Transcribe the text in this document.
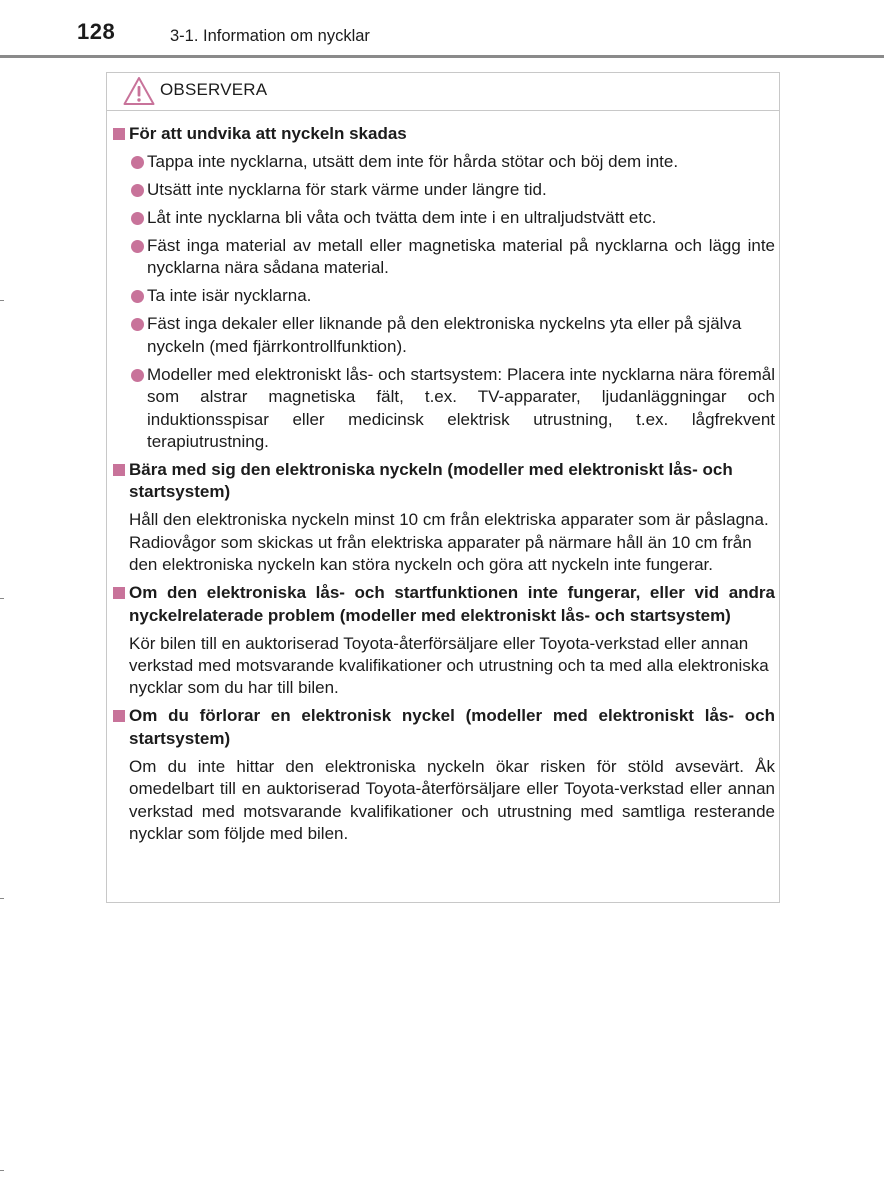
128	3-1. Information om nycklar
OBSERVERA

För att undvika att nyckeln skadas

Tappa inte nycklarna, utsätt dem inte för hårda stötar och böj dem inte.

Utsätt inte nycklarna för stark värme under längre tid.

Låt inte nycklarna bli våta och tvätta dem inte i en ultraljudstvätt etc.

Fäst inga material av metall eller magnetiska material på nycklarna och lägg inte nycklarna nära sådana material.

Ta inte isär nycklarna.

Fäst inga dekaler eller liknande på den elektroniska nyckelns yta eller på själva nyckeln (med fjärrkontrollfunktion).

Modeller med elektroniskt lås- och startsystem: Placera inte nycklarna nära föremål som alstrar magnetiska fält, t.ex. TV-apparater, ljudanläggningar och induktionsspisar eller medicinsk elektrisk utrustning, t.ex. lågfrekvent terapiutrustning.

Bära med sig den elektroniska nyckeln (modeller med elektroniskt lås- och startsystem)

Håll den elektroniska nyckeln minst 10 cm från elektriska apparater som är påslagna. Radiovågor som skickas ut från elektriska apparater på närmare håll än 10 cm från den elektroniska nyckeln kan störa nyckeln och göra att nyckeln inte fungerar.

Om den elektroniska lås- och startfunktionen inte fungerar, eller vid andra nyckelrelaterade problem (modeller med elektroniskt lås- och startsystem)

Kör bilen till en auktoriserad Toyota-återförsäljare eller Toyota-verkstad eller annan verkstad med motsvarande kvalifikationer och utrustning och ta med alla elektroniska nycklar som du har till bilen.

Om du förlorar en elektronisk nyckel (modeller med elektroniskt lås- och startsystem)

Om du inte hittar den elektroniska nyckeln ökar risken för stöld avsevärt. Åk omedelbart till en auktoriserad Toyota-återförsäljare eller Toyota-verkstad eller annan verkstad med motsvarande kvalifikationer och utrustning med samtliga resterande nycklar som följde med bilen.
